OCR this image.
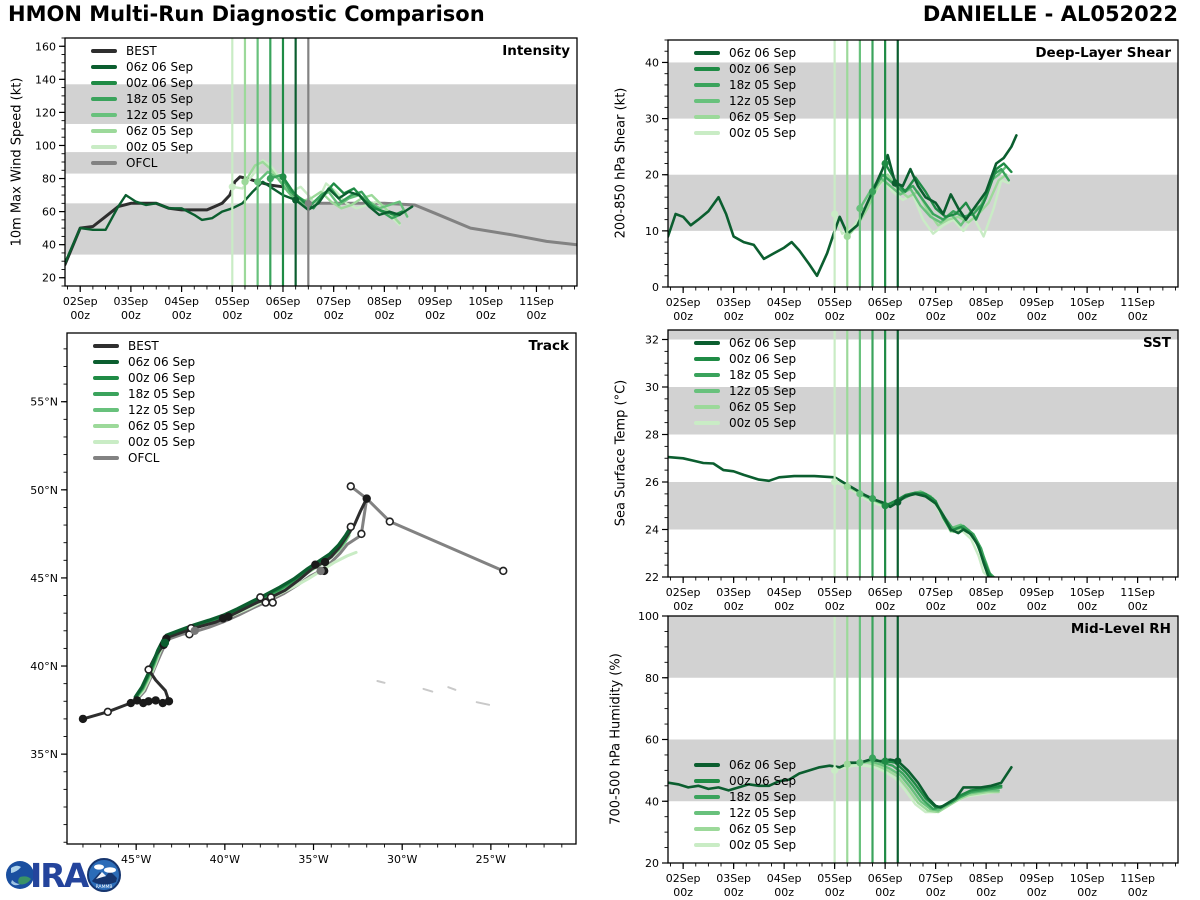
HMON Multi-Run Diagnostic Comparison	DANIELLE - AL052022
02Sep
00z
03Sep
00z
04Sep
00z
05Sep
00z
06Sep
00z
07Sep
00z
08Sep
00z
09Sep
00z
10Sep
00z
11Sep
00z
20
40
60
80
100
120
140
160	Intensity
02Sep
00z
03Sep
00z
04Sep
00z
05Sep
00z
06Sep
00z
07Sep
00z
08Sep
00z
09Sep
00z
10Sep
00z
11Sep
00z
0
10
20
30
40
Deep-Layer Shear
45°W	40°W	35°W	30°W	25°W
35°N
40°N
45°N
50°N
55°N
Track
02Sep
00z
03Sep
00z
04Sep
00z
05Sep
00z
06Sep
00z
07Sep
00z
08Sep
00z
09Sep
00z
10Sep
00z
11Sep
00z
22
24
26
28
30
32	SST
02Sep
00z
03Sep
00z
04Sep
00z
05Sep
00z
06Sep
00z
07Sep
00z
08Sep
00z
09Sep
00z
10Sep
00z
11Sep
00z
20
40
60
80
100
Mid-Level RH
10m Max Wind Speed (kt)	200-850 hPa Shear (kt)
Sea Surface Temp (°C)
700-500 hPa Humidity (%)
BEST
06z 06 Sep
00z 06 Sep
18z 05 Sep
12z 05 Sep
06z 05 Sep
00z 05 Sep
OFCL
06z 06 Sep
00z 06 Sep
18z 05 Sep
12z 05 Sep
06z 05 Sep
00z 05 Sep
BEST
06z 06 Sep
00z 06 Sep
18z 05 Sep
12z 05 Sep
06z 05 Sep
00z 05 Sep
OFCL
06z 06 Sep
00z 06 Sep
18z 05 Sep
12z 05 Sep
06z 05 Sep
00z 05 Sep
06z 06 Sep
00z 06 Sep
18z 05 Sep
12z 05 Sep
06z 05 Sep
00z 05 Sep
IRA	RAMMB
